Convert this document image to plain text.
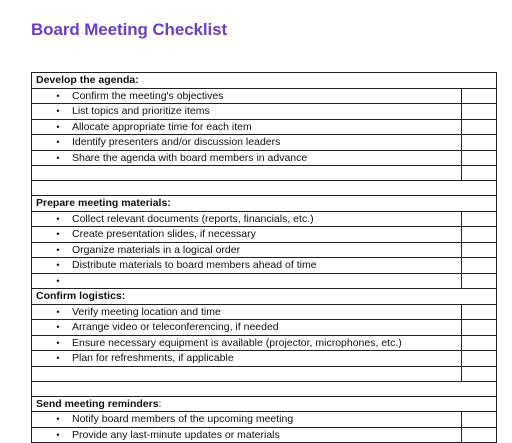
Board Meeting Checklist
Develop the agenda:
•	Confirm the meeting's objectives
•	List topics and prioritize items
•	Allocate appropriate time for each item
•	Identify presenters and/or discussion leaders
•	Share the agenda with board members in advance
Prepare meeting materials:
•	Collect relevant documents (reports, financials, etc.)
•	Create presentation slides, if necessary
•	Organize materials in a logical order
•	Distribute materials to board members ahead of time
•
Confirm logistics:
•	Verify meeting location and time
•	Arrange video or teleconferencing, if needed
•	Ensure necessary equipment is available (projector, microphones, etc.)
•	Plan for refreshments, if applicable
Send meeting reminders:
•	Notify board members of the upcoming meeting
•	Provide any last-minute updates or materials
